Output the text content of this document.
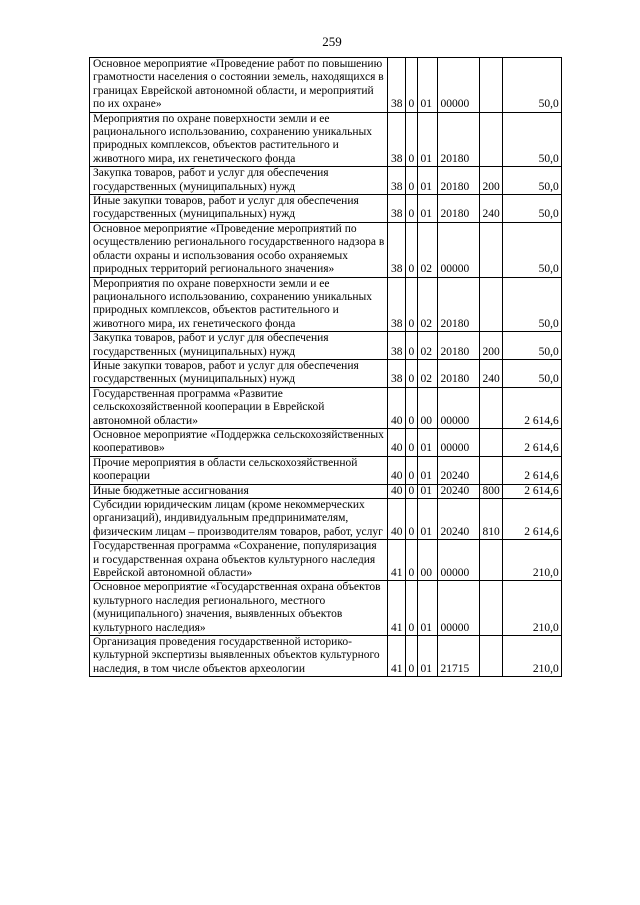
259
Основное мероприятие «Проведение работ по повышению грамотности населения о состоянии земель, находящихся в границах Еврейской автономной области, и мероприятий по их охране»	38	0	01	00000		50,0
Мероприятия по охране поверхности земли и ее рационального использованию, сохранению уникальных природных комплексов, объектов растительного и животного мира, их генетического фонда	38	0	01	20180		50,0
Закупка товаров, работ и услуг для обеспечения государственных (муниципальных) нужд	38	0	01	20180	200	50,0
Иные закупки товаров, работ и услуг для обеспечения государственных (муниципальных) нужд	38	0	01	20180	240	50,0
Основное мероприятие «Проведение мероприятий по осуществлению регионального государственного надзора в области охраны и использования особо охраняемых природных территорий регионального значения»	38	0	02	00000		50,0
Мероприятия по охране поверхности земли и ее рационального использованию, сохранению уникальных природных комплексов, объектов растительного и животного мира, их генетического фонда	38	0	02	20180		50,0
Закупка товаров, работ и услуг для обеспечения государственных (муниципальных) нужд	38	0	02	20180	200	50,0
Иные закупки товаров, работ и услуг для обеспечения государственных (муниципальных) нужд	38	0	02	20180	240	50,0
Государственная программа «Развитие сельскохозяйственной кооперации в Еврейской автономной области»	40	0	00	00000		2 614,6
Основное мероприятие «Поддержка сельскохозяйственных кооперативов»	40	0	01	00000		2 614,6
Прочие мероприятия в области сельскохозяйственной кооперации	40	0	01	20240		2 614,6
Иные бюджетные ассигнования	40	0	01	20240	800	2 614,6
Субсидии юридическим лицам (кроме некоммерческих организаций), индивидуальным предпринимателям, физическим лицам – производителям товаров, работ, услуг	40	0	01	20240	810	2 614,6
Государственная программа «Сохранение, популяризация и государственная охрана объектов культурного наследия Еврейской автономной области»	41	0	00	00000		210,0
Основное мероприятие «Государственная охрана объектов культурного наследия регионального, местного (муниципального) значения, выявленных объектов культурного наследия»	41	0	01	00000		210,0
Организация проведения государственной историко-культурной экспертизы выявленных объектов культурного наследия, в том числе объектов археологии	41	0	01	21715		210,0
